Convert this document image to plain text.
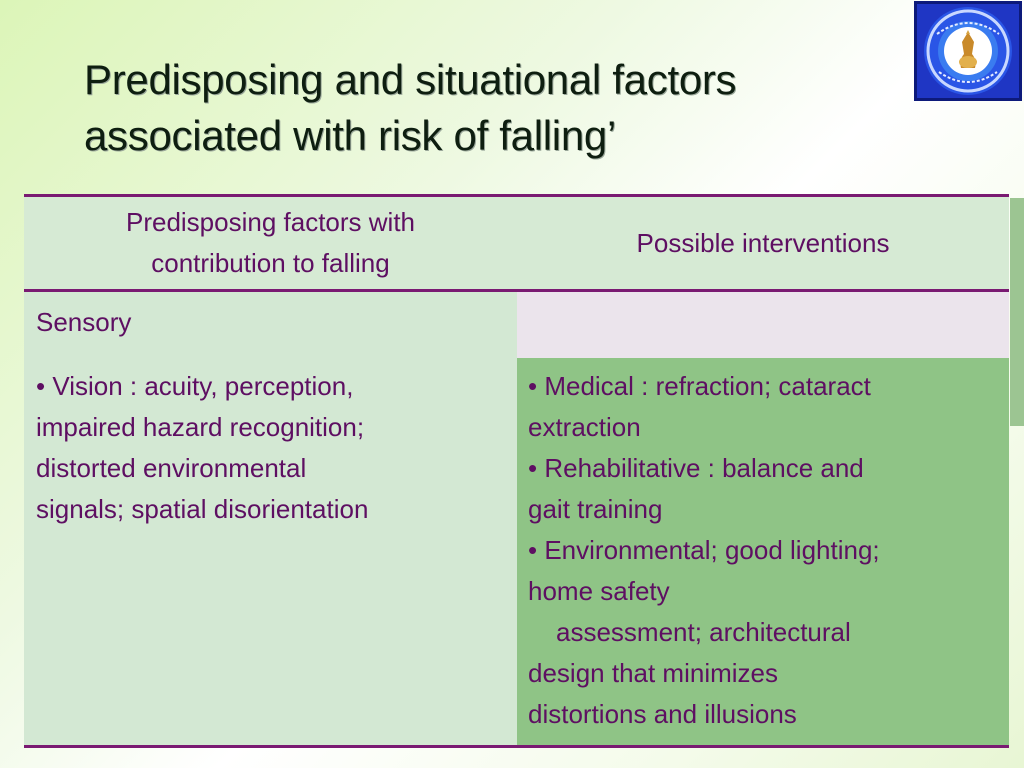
Predisposing and situational factors
associated with risk of falling’
Predisposing factors with
contribution to falling
Possible interventions
Sensory
• Vision : acuity, perception,
impaired hazard recognition;
distorted environmental
signals; spatial disorientation
• Medical : refraction; cataract
extraction
• Rehabilitative : balance and
gait training
• Environmental; good lighting;
home safety
assessment; architectural
design that minimizes
distortions and illusions
